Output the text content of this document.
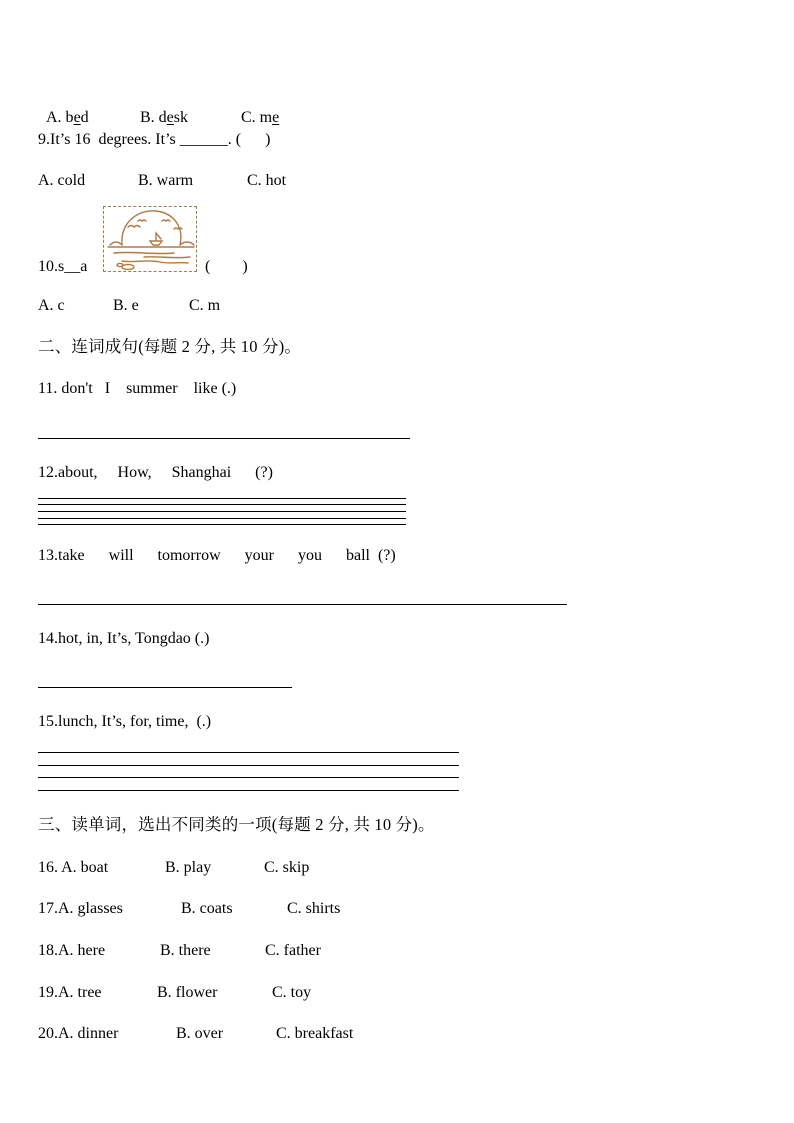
A. bed	B. desk	C. me

9.It’s 16  degrees. It’s ______. (      )
A. cold	B. warm	C. hot
10.s__a	(        )
A. c	B. e	C. m
二、连词成句(每题 2 分, 共 10 分)。
11. don't   I    summer    like (.)
12.about,     How,     Shanghai      (?)
13.take      will      tomorrow      your      you      ball  (?)
14.hot, in, It’s, Tongdao (.)
15.lunch, It’s, for, time,  (.)
三、读单词，选出不同类的一项(每题 2 分, 共 10 分)。
16. A. boat	B. play	C. skip
17.A. glasses	B. coats	C. shirts
18.A. here	B. there	C. father
19.A. tree	B. flower	C. toy
20.A. dinner	B. over	C. breakfast
